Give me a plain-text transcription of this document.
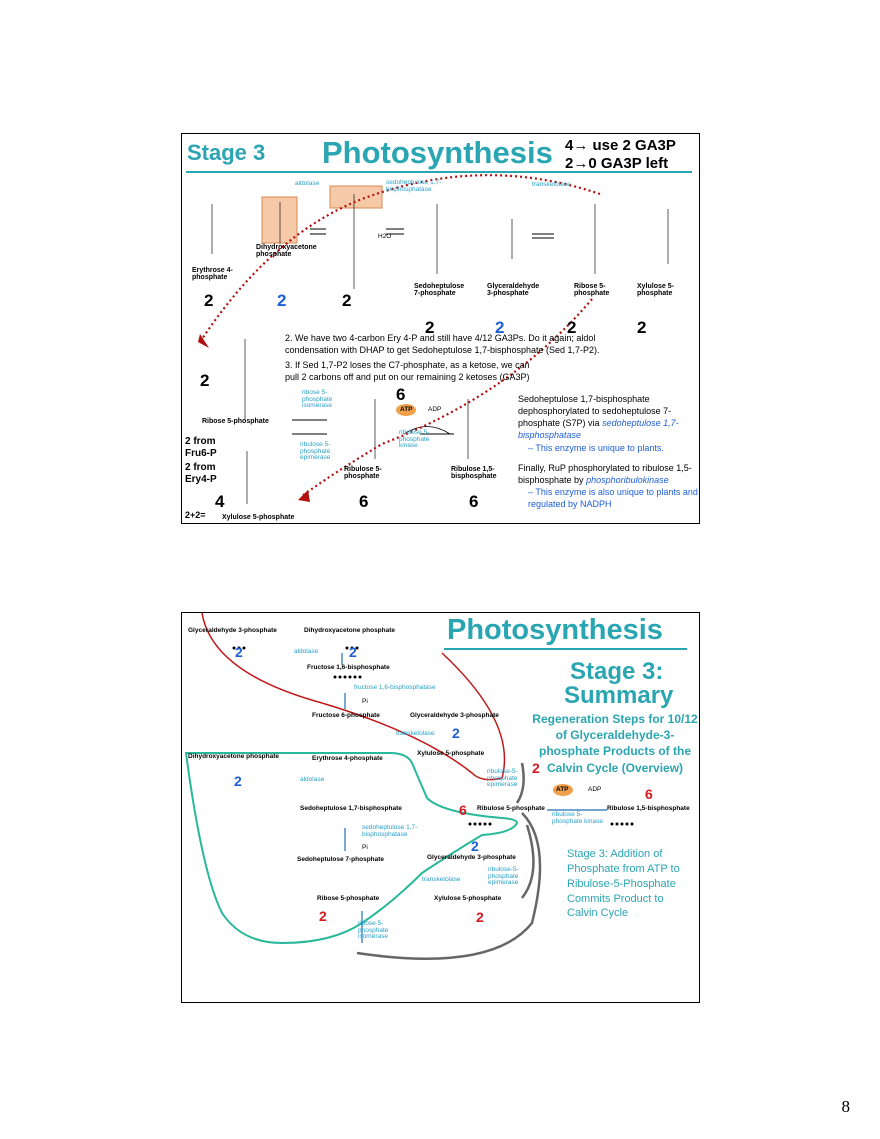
Stage 3 Photosynthesis 4→ use 2 GA3P
2→0 GA3P left
aldolase	sedoheptulose 1,7-bisphosphatase
transketolase
Erythrose 4-phosphate
Dihydroxyacetone phosphate
Sedoheptulose 7-phosphate
Glyceraldehyde 3-phosphate
Ribose 5-phosphate
Xylulose 5-phosphate
2	2	2
2	2	2	2
6
2
2. We have two 4-carbon Ery 4-P and still have 4/12 GA3Ps. Do it again; aldol condensation with DHAP to get Sedoheptulose 1,7-bisphosphate (Sed 1,7-P2).
3. If Sed 1,7-P2 loses the C7-phosphate, as a ketose, we can pull 2 carbons off and put on our remaining 2 ketoses (GA3P)
Ribose 5-phosphate
ribose 5-phosphate isomerase
ribulose 5-phosphate epimerase
ribulose 5-phosphate kinase
ATP ADP
H2O
Ribulose 5-phosphate
Ribulose 1,5-bisphosphate
2 from Fru6-P
2 from Ery4-P
2+2=
4
Xylulose 5-phosphate
6	6
Sedoheptulose 1,7-bisphosphate dephosphorylated to sedoheptulose 7-phosphate (S7P) via sedoheptulose 1,7-bisphosphatase
– This enzyme is unique to plants.
Finally, RuP phosphorylated to ribulose 1,5-bisphosphate by phosphoribulokinase
– This enzyme is also unique to plants and regulated by NADPH
Photosynthesis
Stage 3:
Summary
Regeneration Steps for 10/12 of Glyceraldehyde-3-phosphate Products of the Calvin Cycle (Overview)
Stage 3: Addition of Phosphate from ATP to Ribulose-5-Phosphate Commits Product to Calvin Cycle
Glyceraldehyde 3-phosphate	Dihydroxyacetone phosphate
Fructose 1,6-bisphosphate
Fructose 6-phosphate	Glyceraldehyde 3-phosphate
Xylulose 5-phosphate
Dihydroxyacetone phosphate	Erythrose 4-phosphate
Sedoheptulose 1,7-bisphosphate	Ribulose 5-phosphate	Ribulose 1,5-bisphosphate
Sedoheptulose 7-phosphate	Glyceraldehyde 3-phosphate
Ribose 5-phosphate	Xylulose 5-phosphate
aldolase
fructose 1,6-bisphosphatase
transketolase
aldolase
sedoheptulose 1,7-bisphosphatase
transketolase
ribose 5-phosphate isomerase
ribulose-5-phosphate epimerase
ribulose 5-phosphate kinase
ribulose-5-phosphate epimerase
ATP	ADP
Pi
Pi
2	2
2
2
2
6
6
2
2	2
8
